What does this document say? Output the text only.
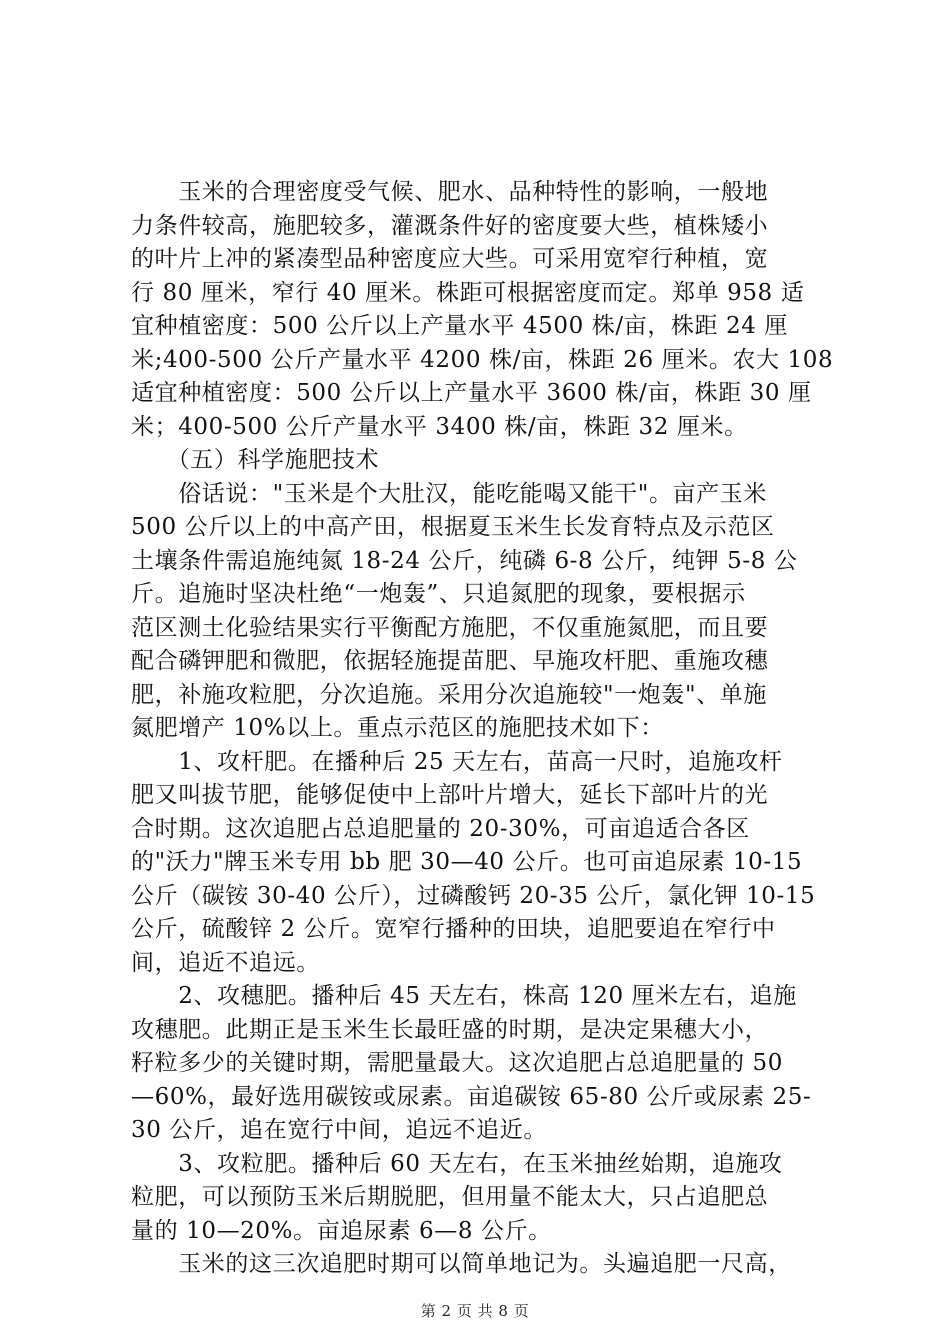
　　玉米的合理密度受气候、肥水、品种特性的影响，一般地
力条件较高，施肥较多，灌溉条件好的密度要大些，植株矮小
的叶片上冲的紧凑型品种密度应大些。可采用宽窄行种植，宽
行 80 厘米，窄行 40 厘米。株距可根据密度而定。郑单 958 适
宜种植密度：500 公斤以上产量水平 4500 株/亩，株距 24 厘
米;400-500 公斤产量水平 4200 株/亩，株距 26 厘米。农大 108
适宜种植密度：500 公斤以上产量水平 3600 株/亩，株距 30 厘
米；400-500 公斤产量水平 3400 株/亩，株距 32 厘米。
　　（五）科学施肥技术
　　俗话说："玉米是个大肚汉，能吃能喝又能干"。亩产玉米
500 公斤以上的中高产田，根据夏玉米生长发育特点及示范区
土壤条件需追施纯氮 18-24 公斤，纯磷 6-8 公斤，纯钾 5-8 公
斤。追施时坚决杜绝“一炮轰”、只追氮肥的现象，要根据示
范区测土化验结果实行平衡配方施肥，不仅重施氮肥，而且要
配合磷钾肥和微肥，依据轻施提苗肥、早施攻杆肥、重施攻穗
肥，补施攻粒肥，分次追施。采用分次追施较"一炮轰"、单施
氮肥增产 10%以上。重点示范区的施肥技术如下：
　　1、攻杆肥。在播种后 25 天左右，苗高一尺时，追施攻杆
肥又叫拔节肥，能够促使中上部叶片增大，延长下部叶片的光
合时期。这次追肥占总追肥量的 20-30%，可亩追适合各区
的"沃力"牌玉米专用 bb 肥 30—40 公斤。也可亩追尿素 10-15
公斤（碳铵 30-40 公斤），过磷酸钙 20-35 公斤，氯化钾 10-15
公斤，硫酸锌 2 公斤。宽窄行播种的田块，追肥要追在窄行中
间，追近不追远。
　　2、攻穗肥。播种后 45 天左右，株高 120 厘米左右，追施
攻穗肥。此期正是玉米生长最旺盛的时期，是决定果穗大小，
籽粒多少的关键时期，需肥量最大。这次追肥占总追肥量的 50
—60%，最好选用碳铵或尿素。亩追碳铵 65-80 公斤或尿素 25-
30 公斤，追在宽行中间，追远不追近。
　　3、攻粒肥。播种后 60 天左右，在玉米抽丝始期，追施攻
粒肥，可以预防玉米后期脱肥，但用量不能太大，只占追肥总
量的 10—20%。亩追尿素 6—8 公斤。
　　玉米的这三次追肥时期可以简单地记为。头遍追肥一尺高，
第 2 页 共 8 页
